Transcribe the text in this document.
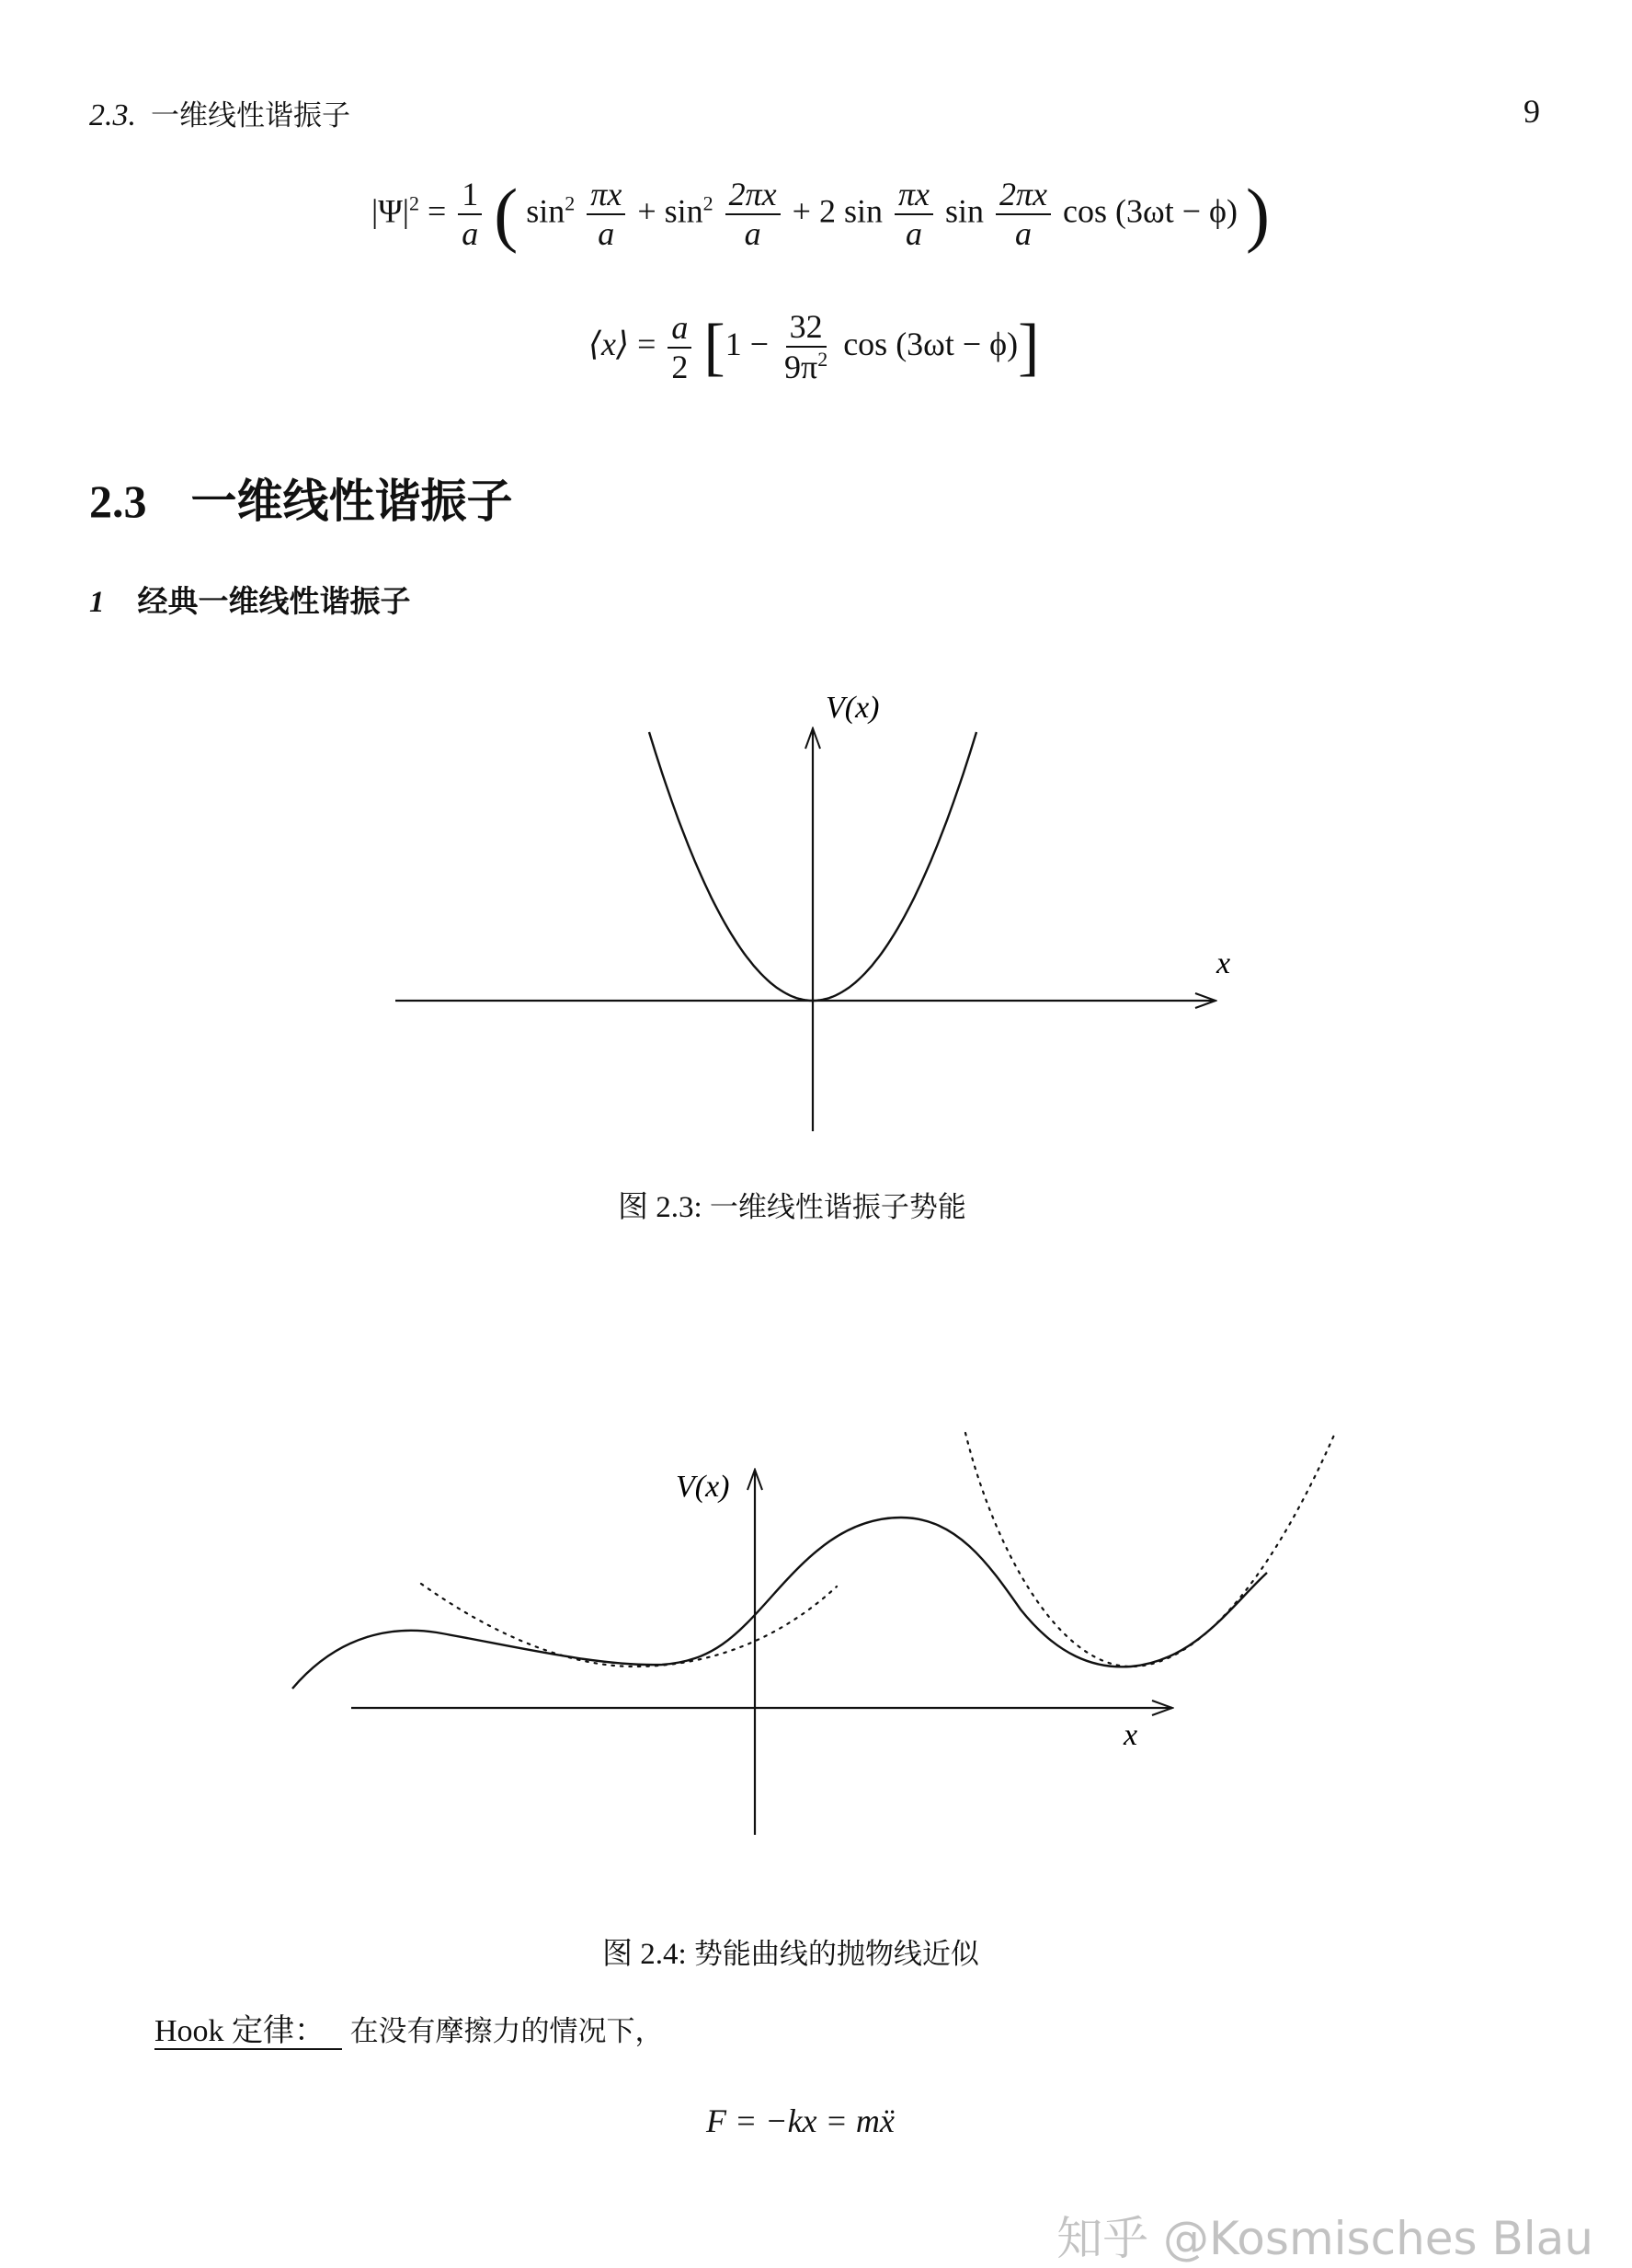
2.3. 一维线性谐振子	9
$|\Psi|^2 = \frac{1}{a}$ ( $\sin^2 \frac{\pi x}{a} + \sin^2 \frac{2\pi x}{a} + 2$ $\sin \frac{\pi x}{a}$ $\sin \frac{2\pi x}{a}$ cos (3ωt − ϕ) )
⟨x⟩ = $\frac{a}{2} [1 - \frac{32}{9\pi^2}$ cos (3ωt − ϕ)]
2.3 一维线性谐振子
1 经典一维线性谐振子
V(x)
x
V(x)
x
图 2.3: 一维线性谐振子势能
图 2.4: 势能曲线的抛物线近似
Hook 定律： 在没有摩擦力的情况下，
F = −kx = mẍ
知乎 @Kosmisches Blau
